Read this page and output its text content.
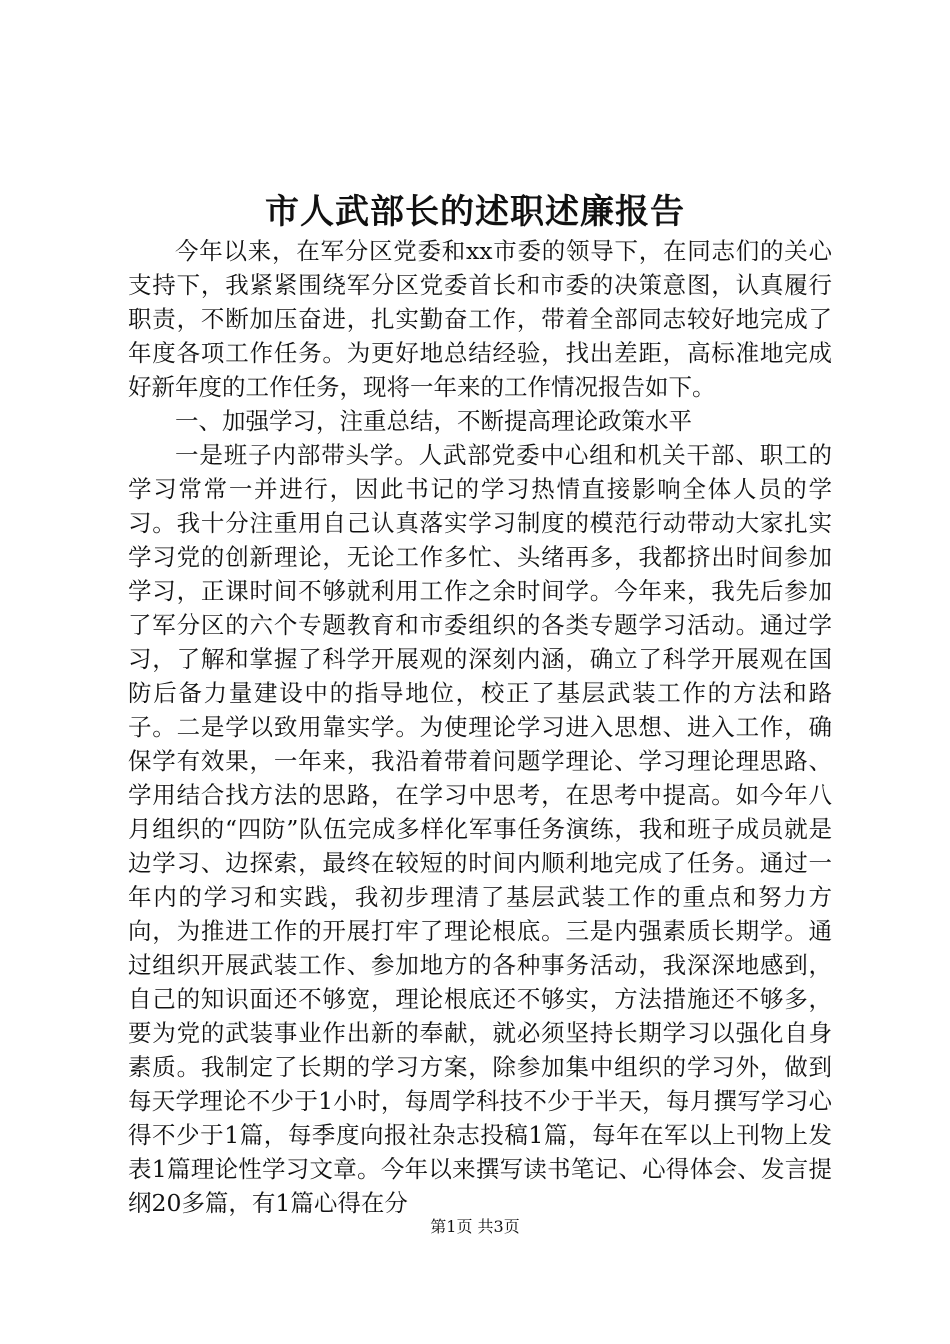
市人武部长的述职述廉报告

今年以来，在军分区党委和xx市委的领导下，在同志们的关心支持下，我紧紧围绕军分区党委首长和市委的决策意图，认真履行职责，不断加压奋进，扎实勤奋工作，带着全部同志较好地完成了年度各项工作任务。为更好地总结经验，找出差距，高标准地完成好新年度的工作任务，现将一年来的工作情况报告如下。

一、加强学习，注重总结，不断提高理论政策水平

一是班子内部带头学。人武部党委中心组和机关干部、职工的学习常常一并进行，因此书记的学习热情直接影响全体人员的学习。我十分注重用自己认真落实学习制度的模范行动带动大家扎实学习党的创新理论，无论工作多忙、头绪再多，我都挤出时间参加学习，正课时间不够就利用工作之余时间学。今年来，我先后参加了军分区的六个专题教育和市委组织的各类专题学习活动。通过学习，了解和掌握了科学开展观的深刻内涵，确立了科学开展观在国防后备力量建设中的指导地位，校正了基层武装工作的方法和路子。二是学以致用靠实学。为使理论学习进入思想、进入工作，确保学有效果，一年来，我沿着带着问题学理论、学习理论理思路、学用结合找方法的思路，在学习中思考，在思考中提高。如今年八月组织的“四防”队伍完成多样化军事任务演练，我和班子成员就是边学习、边探索，最终在较短的时间内顺利地完成了任务。通过一年内的学习和实践，我初步理清了基层武装工作的重点和努力方向，为推进工作的开展打牢了理论根底。三是内强素质长期学。通过组织开展武装工作、参加地方的各种事务活动，我深深地感到，自己的知识面还不够宽，理论根底还不够实，方法措施还不够多，要为党的武装事业作出新的奉献，就必须坚持长期学习以强化自身素质。我制定了长期的学习方案，除参加集中组织的学习外，做到每天学理论不少于1小时，每周学科技不少于半天，每月撰写学习心得不少于1篇，每季度向报社杂志投稿1篇，每年在军以上刊物上发表1篇理论性学习文章。今年以来撰写读书笔记、心得体会、发言提纲20多篇，有1篇心得在分

第1页 共3页
